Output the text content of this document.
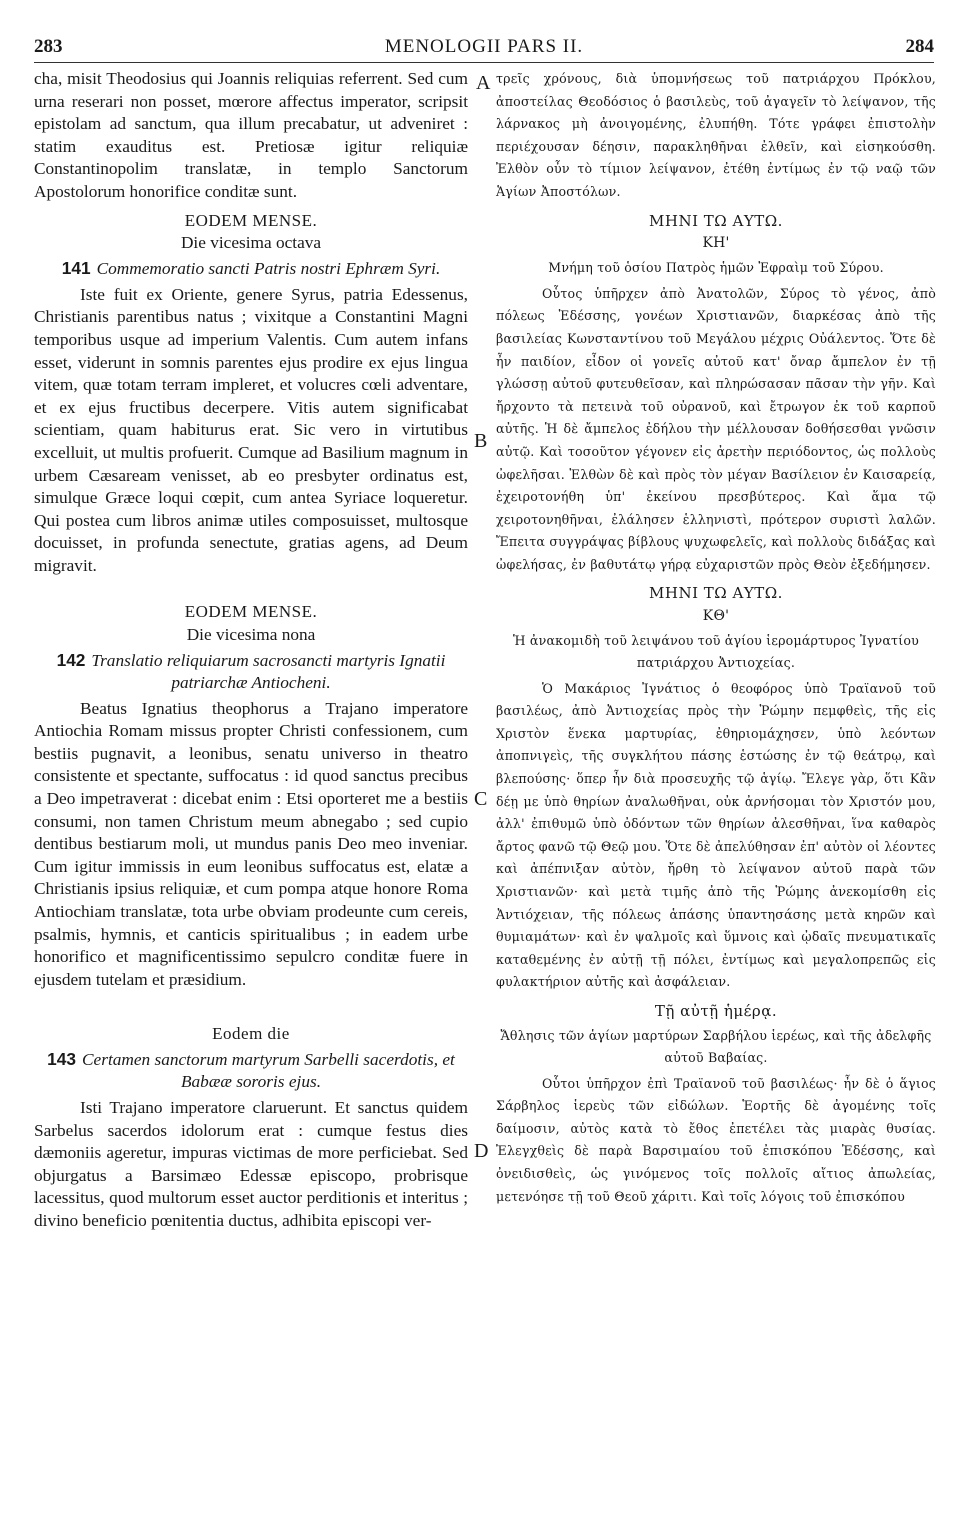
MENOLOGII PARS II.
283	284

cha, misit Theodosius qui Joannis reliquias referrent. Sed cum urna reserari non posset, mœrore affectus imperator, scripsit epistolam ad sanctum, qua illum precabatur, ut adveniret : statim exauditus est. Pretiosæ igitur reliquiæ Constantinopolim translatæ, in templo Sanctorum Apostolorum honorifice conditæ sunt.

EODEM MENSE.
Die vicesima octava
141 Commemoratio sancti Patris nostri Ephræm Syri.

Iste fuit ex Oriente, genere Syrus, patria Edessenus, Christianis parentibus natus ; vixitque a Constantini Magni temporibus usque ad imperium Valentis. Cum autem infans esset, viderunt in somnis parentes ejus prodire ex ejus lingua vitem, quæ totam terram impleret, et volucres cœli adventare, et ex ejus fructibus decerpere. Vitis autem significabat scientiam, quam habiturus erat. Sic vero in virtutibus excelluit, ut multis profuerit. Cumque ad Basilium magnum in urbem Cæsaream venisset, ab eo presbyter ordinatus est, simulque Græce loqui cœpit, cum antea Syriace loqueretur. Qui postea cum libros animæ utiles composuisset, multosque docuisset, in profunda senectute, gratias agens, ad Deum migravit.

EODEM MENSE.
Die vicesima nona
142 Translatio reliquiarum sacrosancti martyris Ignatii patriarchæ Antiocheni.

Beatus Ignatius theophorus a Trajano imperatore Antiochia Romam missus propter Christi confessionem, cum bestiis pugnavit, a leonibus, senatu universo in theatro consistente et spectante, suffocatus : id quod sanctus precibus a Deo impetraverat : dicebat enim : Etsi oporteret me a bestiis consumi, non tamen Christum meum abnegabo ; sed cupio dentibus bestiarum moli, ut mundus panis Deo meo inveniar. Cum igitur immissis in eum leonibus suffocatus est, elatæ a Christianis ipsius reliquiæ, et cum pompa atque honore Roma Antiochiam translatæ, tota urbe obviam prodeunte cum cereis, psalmis, hymnis, et canticis spiritualibus ; in eadem urbe honorifico et magnificentissimo sepulcro conditæ fuere in ejusdem tutelam et præsidium.

Eodem die
143 Certamen sanctorum martyrum Sarbelli sacerdotis, et Babææ sororis ejus.

Isti Trajano imperatore claruerunt. Et sanctus quidem Sarbelus sacerdos idolorum erat : cumque festus dies dæmoniis ageretur, impuras victimas de more perficiebat. Sed objurgatus a Barsimæo Edessæ episcopo, probrisque lacessitus, quod multorum esset auctor perditionis et interitus ; divino beneficio pœnitentia ductus, adhibita episcopi ver-

A
B
C
D

τρεῖς χρόνους, διὰ ὑπομνήσεως τοῦ πατριάρχου Πρόκλου, ἀποστείλας Θεοδόσιος ὁ βασιλεὺς, τοῦ ἀγαγεῖν τὸ λείψανον, τῆς λάρνακος μὴ ἀνοιγομένης, ἐλυπήθη. Τότε γράφει ἐπιστολὴν περιέχουσαν δέησιν, παρακληθῆναι ἐλθεῖν, καὶ εἰσηκούσθη. Ἐλθὸν οὖν τὸ τίμιον λείψανον, ἐτέθη ἐντίμως ἐν τῷ ναῷ τῶν Ἁγίων Ἀποστόλων.

ΜΗΝΙ ΤΩ ΑΥΤΩ.
ΚΗ'
Μνήμη τοῦ ὁσίου Πατρὸς ἡμῶν Ἐφραὶμ τοῦ Σύρου.

Οὗτος ὑπῆρχεν ἀπὸ Ἀνατολῶν, Σύρος τὸ γένος, ἀπὸ πόλεως Ἐδέσσης, γονέων Χριστιανῶν, διαρκέσας ἀπὸ τῆς βασιλείας Κωνσταντίνου τοῦ Μεγάλου μέχρις Οὐάλεντος. Ὅτε δὲ ἦν παιδίον, εἶδον οἱ γονεῖς αὐτοῦ κατ' ὄναρ ἄμπελον ἐν τῇ γλώσσῃ αὐτοῦ φυτευθεῖσαν, καὶ πληρώσασαν πᾶσαν τὴν γῆν. Καὶ ἤρχοντο τὰ πετεινὰ τοῦ οὐρανοῦ, καὶ ἔτρωγον ἐκ τοῦ καρποῦ αὐτῆς. Ἡ δὲ ἄμπελος ἐδήλου τὴν μέλλουσαν δοθήσεσθαι γνῶσιν αὐτῷ. Καὶ τοσοῦτον γέγονεν εἰς ἀρετὴν περιόδοντος, ὡς πολλοὺς ὠφελῆσαι. Ἐλθὼν δὲ καὶ πρὸς τὸν μέγαν Βασίλειον ἐν Καισαρείᾳ, ἐχειροτονήθη ὑπ' ἐκείνου πρεσβύτερος. Καὶ ἅμα τῷ χειροτονηθῆναι, ἐλάλησεν ἑλληνιστὶ, πρότερον συριστὶ λαλῶν. Ἔπειτα συγγράψας βίβλους ψυχωφελεῖς, καὶ πολλοὺς διδάξας καὶ ὠφελήσας, ἐν βαθυτάτῳ γήρᾳ εὐχαριστῶν πρὸς Θεὸν ἐξεδήμησεν.

ΜΗΝΙ ΤΩ ΑΥΤΩ.
ΚΘ'
Ἡ ἀνακομιδὴ τοῦ λειψάνου τοῦ ἁγίου ἱερομάρτυρος Ἰγνατίου πατριάρχου Ἀντιοχείας.

Ὁ Μακάριος Ἰγνάτιος ὁ θεοφόρος ὑπὸ Τραϊανοῦ τοῦ βασιλέως, ἀπὸ Ἀντιοχείας πρὸς τὴν Ῥώμην πεμφθεὶς, τῆς εἰς Χριστὸν ἕνεκα μαρτυρίας, ἐθηριομάχησεν, ὑπὸ λεόντων ἀποπνιγεὶς, τῆς συγκλήτου πάσης ἑστώσης ἐν τῷ θεάτρῳ, καὶ βλεπούσης· ὅπερ ἦν διὰ προσευχῆς τῷ ἁγίῳ. Ἔλεγε γὰρ, ὅτι Κἂν δέῃ με ὑπὸ θηρίων ἀναλωθῆναι, οὐκ ἀρνήσομαι τὸν Χριστόν μου, ἀλλ' ἐπιθυμῶ ὑπὸ ὀδόντων τῶν θηρίων ἀλεσθῆναι, ἵνα καθαρὸς ἄρτος φανῶ τῷ Θεῷ μου. Ὅτε δὲ ἀπελύθησαν ἐπ' αὐτὸν οἱ λέοντες καὶ ἀπέπνιξαν αὐτὸν, ἤρθη τὸ λείψανον αὐτοῦ παρὰ τῶν Χριστιανῶν· καὶ μετὰ τιμῆς ἀπὸ τῆς Ῥώμης ἀνεκομίσθη εἰς Ἀντιόχειαν, τῆς πόλεως ἁπάσης ὑπαντησάσης μετὰ κηρῶν καὶ θυμιαμάτων· καὶ ἐν ψαλμοῖς καὶ ὕμνοις καὶ ᾠδαῖς πνευματικαῖς καταθεμένης ἐν αὐτῇ τῇ πόλει, ἐντίμως καὶ μεγαλοπρεπῶς εἰς φυλακτήριον αὐτῆς καὶ ἀσφάλειαν.

Τῇ αὐτῇ ἡμέρᾳ.
Ἄθλησις τῶν ἁγίων μαρτύρων Σαρβήλου ἱερέως, καὶ τῆς ἀδελφῆς αὐτοῦ Βαβαίας.

Οὗτοι ὑπῆρχον ἐπὶ Τραϊανοῦ τοῦ βασιλέως· ἦν δὲ ὁ ἅγιος Σάρβηλος ἱερεὺς τῶν εἰδώλων. Ἑορτῆς δὲ ἀγομένης τοῖς δαίμοσιν, αὐτὸς κατὰ τὸ ἔθος ἐπετέλει τὰς μιαρὰς θυσίας. Ἐλεγχθεὶς δὲ παρὰ Βαρσιμαίου τοῦ ἐπισκόπου Ἐδέσσης, καὶ ὀνειδισθεὶς, ὡς γινόμενος τοῖς πολλοῖς αἴτιος ἀπωλείας, μετενόησε τῇ τοῦ Θεοῦ χάριτι. Καὶ τοῖς λόγοις τοῦ ἐπισκόπου
